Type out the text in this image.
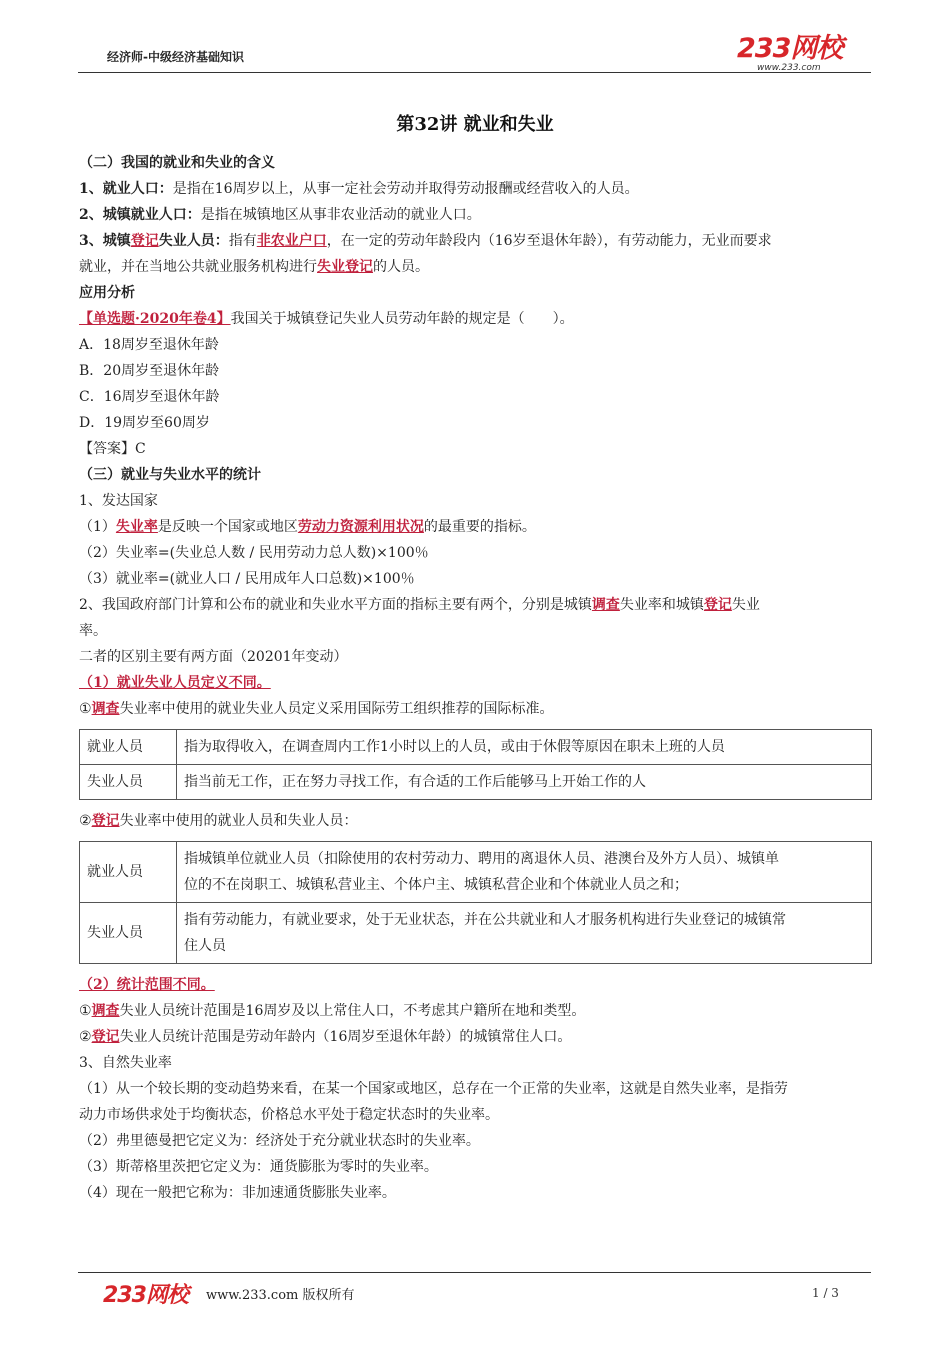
经济师-中级经济基础知识	233网校
www.233.com
第32讲 就业和失业
（二）我国的就业和失业的含义
1、就业人口：是指在16周岁以上，从事一定社会劳动并取得劳动报酬或经营收入的人员。
2、城镇就业人口：是指在城镇地区从事非农业活动的就业人口。
3、城镇登记失业人员：指有非农业户口，在一定的劳动年龄段内（16岁至退休年龄），有劳动能力，无业而要求
就业，并在当地公共就业服务机构进行失业登记的人员。
应用分析
【单选题·2020年卷4】我国关于城镇登记失业人员劳动年龄的规定是（　　）。
A．18周岁至退休年龄
B．20周岁至退休年龄
C．16周岁至退休年龄
D．19周岁至60周岁
【答案】C
（三）就业与失业水平的统计
1、发达国家
（1）失业率是反映一个国家或地区劳动力资源利用状况的最重要的指标。
（2）失业率=(失业总人数 / 民用劳动力总人数)×100％
（3）就业率=(就业人口 / 民用成年人口总数)×100％
2、我国政府部门计算和公布的就业和失业水平方面的指标主要有两个，分别是城镇调查失业率和城镇登记失业
率。
二者的区别主要有两方面（20201年变动）
（1）就业失业人员定义不同。
①调查失业率中使用的就业失业人员定义采用国际劳工组织推荐的国际标准。
就业人员	指为取得收入，在调查周内工作1小时以上的人员，或由于休假等原因在职未上班的人员
失业人员	指当前无工作，正在努力寻找工作，有合适的工作后能够马上开始工作的人
②登记失业率中使用的就业人员和失业人员：
就业人员	指城镇单位就业人员（扣除使用的农村劳动力、聘用的离退休人员、港澳台及外方人员）、城镇单
位的不在岗职工、城镇私营业主、个体户主、城镇私营企业和个体就业人员之和；

失业人员	指有劳动能力，有就业要求，处于无业状态，并在公共就业和人才服务机构进行失业登记的城镇常
住人员
（2）统计范围不同。
①调查失业人员统计范围是16周岁及以上常住人口，不考虑其户籍所在地和类型。
②登记失业人员统计范围是劳动年龄内（16周岁至退休年龄）的城镇常住人口。
3、自然失业率
（1）从一个较长期的变动趋势来看，在某一个国家或地区，总存在一个正常的失业率，这就是自然失业率，是指劳
动力市场供求处于均衡状态，价格总水平处于稳定状态时的失业率。
（2）弗里德曼把它定义为：经济处于充分就业状态时的失业率。
（3）斯蒂格里茨把它定义为：通货膨胀为零时的失业率。
（4）现在一般把它称为：非加速通货膨胀失业率。
233网校 www.233.com 版权所有	1 / 3
